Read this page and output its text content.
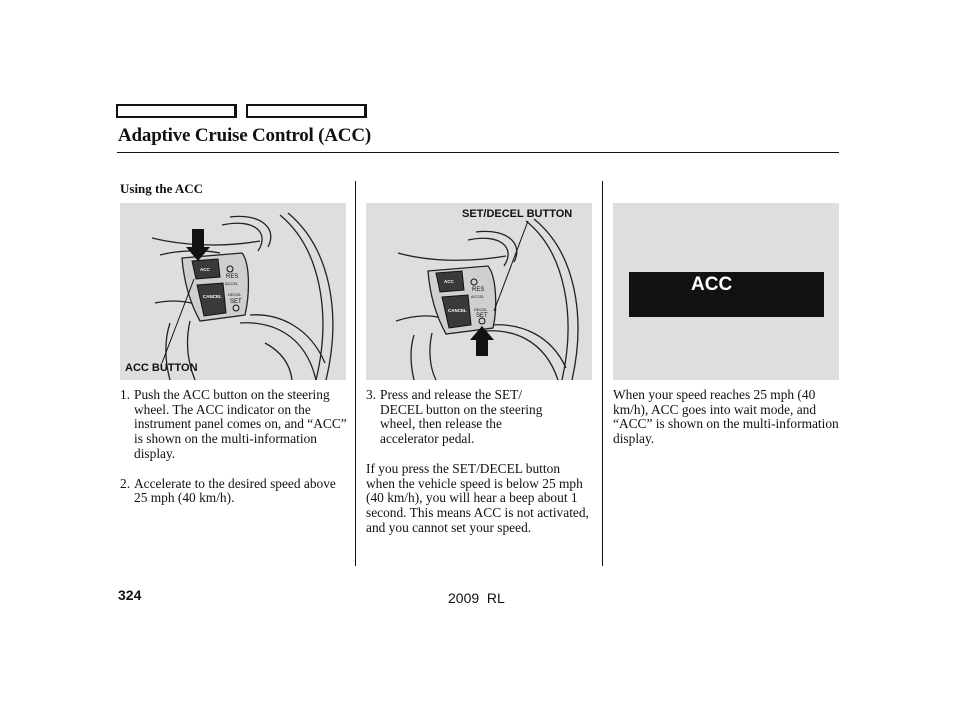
Adaptive Cruise Control (ACC)
Using the ACC
ACC
CANCEL
RES
ACCEL
DECEL
SET
ACC BUTTON
ACC
CANCEL
RES
ACCEL
DECEL
SET
SET/DECEL BUTTON
ACC
1. Push the ACC button on the steering wheel. The ACC indicator on the instrument panel comes on, and “ACC” is shown on the multi-information display.
2. Accelerate to the desired speed above 25 mph (40 km/h).
3. Press and release the SET/ DECEL button on the steering wheel, then release the accelerator pedal.

If you press the SET/DECEL button when the vehicle speed is below 25 mph (40 km/h), you will hear a beep about 1 second. This means ACC is not activated, and you cannot set your speed.

When your speed reaches 25 mph (40 km/h), ACC goes into wait mode, and “ACC” is shown on the multi-information display.

324	2009  RL
